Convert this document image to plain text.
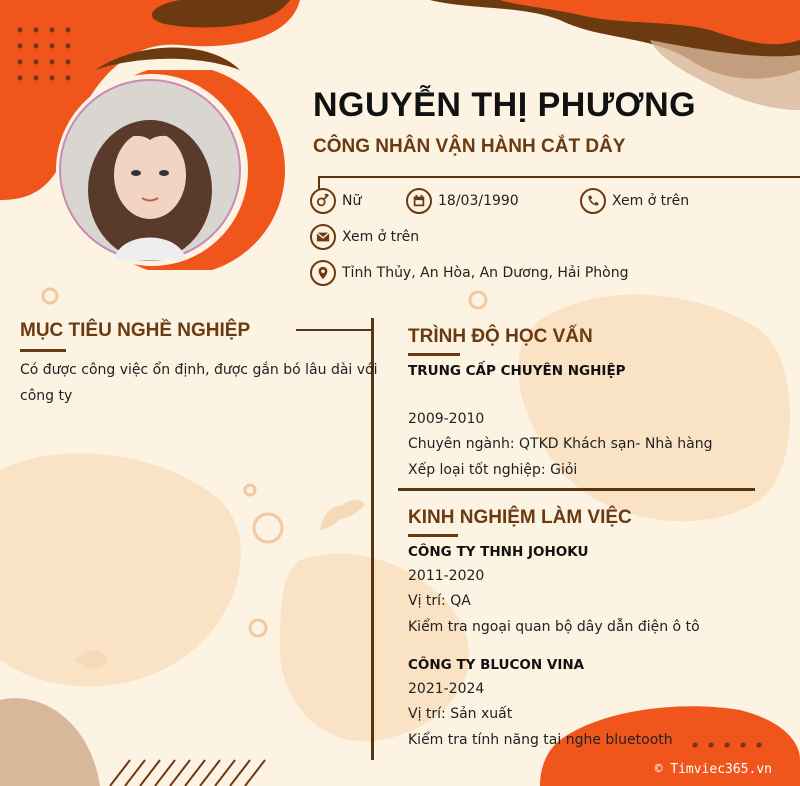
NGUYỄN THỊ PHƯƠNG
CÔNG NHÂN VẬN HÀNH CẮT DÂY
Nữ	18/03/1990	Xem ở trên
Xem ở trên
Tỉnh Thủy, An Hòa, An Dương, Hải Phòng
MỤC TIÊU NGHỀ NGHIỆP
Có được công việc ổn định, được gắn bó lâu dài với
công ty
TRÌNH ĐỘ HỌC VẤN
TRUNG CẤP CHUYÊN NGHIỆP
2009-2010
Chuyên ngành: QTKD Khách sạn- Nhà hàng
Xếp loại tốt nghiệp: Giỏi
KINH NGHIỆM LÀM VIỆC
CÔNG TY THNH JOHOKU
2011-2020
Vị trí: QA
Kiểm tra ngoại quan bộ dây dẫn điện ô tô
CÔNG TY BLUCON VINA
2021-2024
Vị trí: Sản xuất
Kiểm tra tính năng tai nghe bluetooth
© Timviec365.vn
